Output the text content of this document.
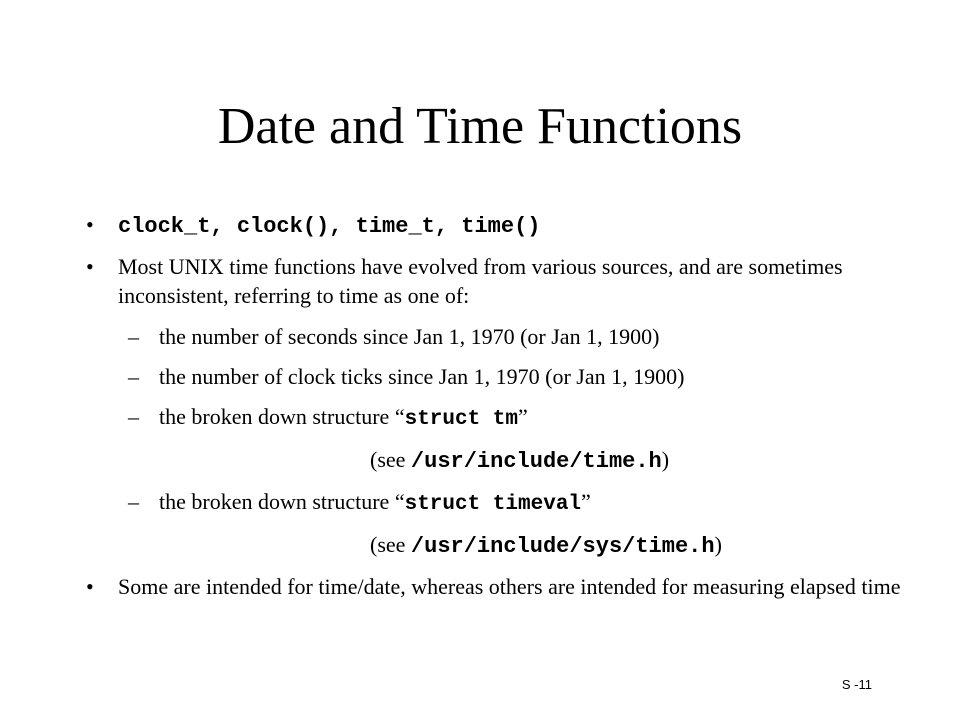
Date and Time Functions
• clock_t, clock(), time_t, time()
• Most UNIX time functions have evolved from various sources, and are sometimes inconsistent, referring to time as one of:
– the number of seconds since Jan 1, 1970 (or Jan 1, 1900)
– the number of clock ticks since Jan 1, 1970 (or Jan 1, 1900)
– the broken down structure “struct tm”
(see /usr/include/time.h)
– the broken down structure “struct timeval”
(see /usr/include/sys/time.h)
• Some are intended for time/date, whereas others are intended for measuring elapsed time
S -11
